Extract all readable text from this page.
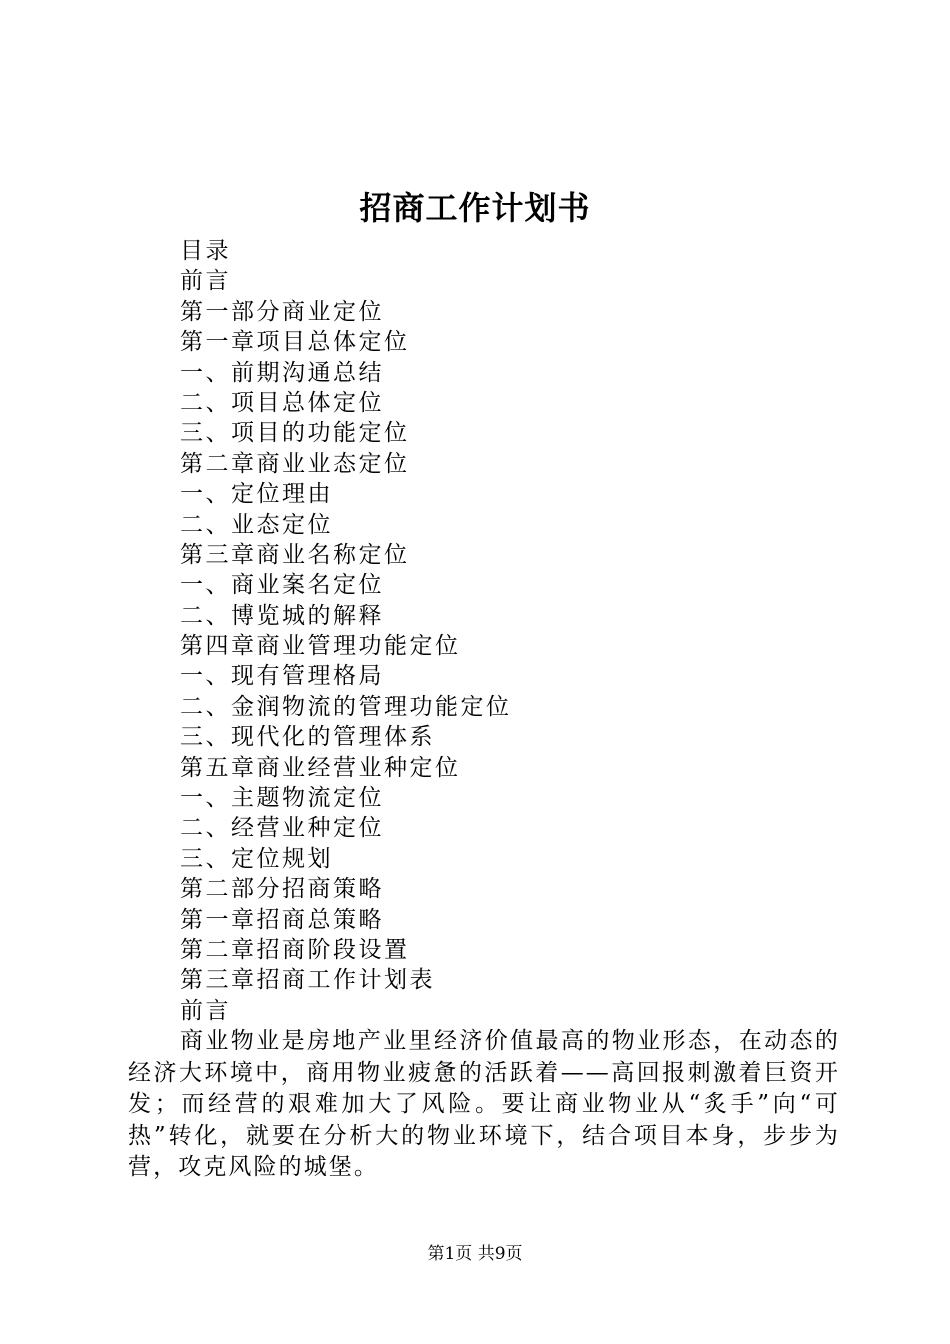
招商工作计划书
目录
前言
第一部分商业定位
第一章项目总体定位
一、前期沟通总结
二、项目总体定位
三、项目的功能定位
第二章商业业态定位
一、定位理由
二、业态定位
第三章商业名称定位
一、商业案名定位
二、博览城的解释
第四章商业管理功能定位
一、现有管理格局
二、金润物流的管理功能定位
三、现代化的管理体系
第五章商业经营业种定位
一、主题物流定位
二、经营业种定位
三、定位规划
第二部分招商策略
第一章招商总策略
第二章招商阶段设置
第三章招商工作计划表
前言

商业物业是房地产业里经济价值最高的物业形态，在动态的经济大环境中，商用物业疲惫的活跃着——高回报刺激着巨资开发；而经营的艰难加大了风险。要让商业物业从“炙手”向“可热”转化，就要在分析大的物业环境下，结合项目本身，步步为营，攻克风险的城堡。

第1页 共9页
